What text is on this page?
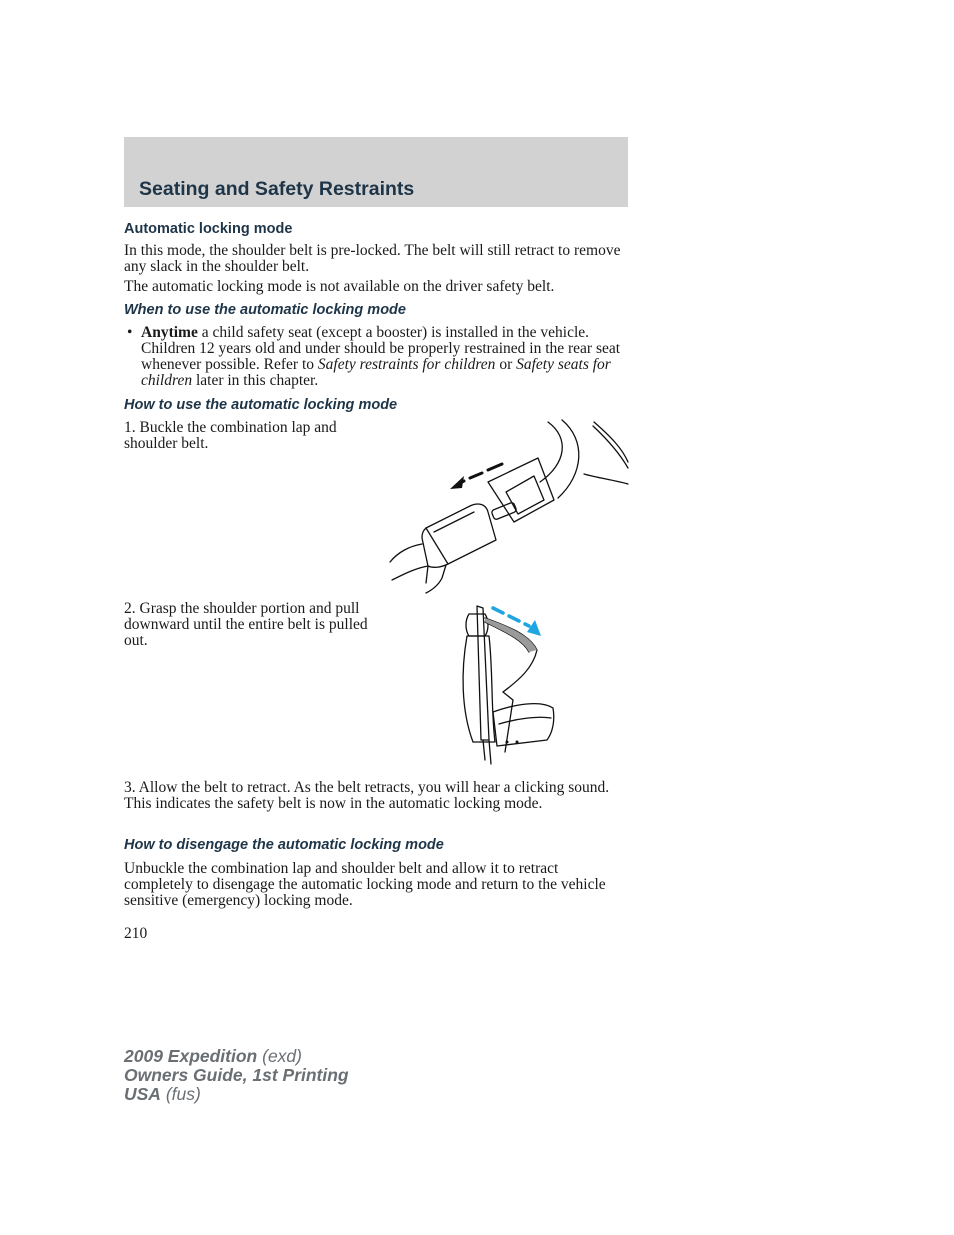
Seating and Safety Restraints
Automatic locking mode

In this mode, the shoulder belt is pre-locked. The belt will still retract to remove any slack in the shoulder belt.

The automatic locking mode is not available on the driver safety belt.

When to use the automatic locking mode
• Anytime a child safety seat (except a booster) is installed in the vehicle. Children 12 years old and under should be properly restrained in the rear seat whenever possible. Refer to Safety restraints for children or Safety seats for children later in this chapter.

How to use the automatic locking mode

1. Buckle the combination lap and shoulder belt.

2. Grasp the shoulder portion and pull downward until the entire belt is pulled out.

3. Allow the belt to retract. As the belt retracts, you will hear a clicking sound. This indicates the safety belt is now in the automatic locking mode.

How to disengage the automatic locking mode

Unbuckle the combination lap and shoulder belt and allow it to retract completely to disengage the automatic locking mode and return to the vehicle sensitive (emergency) locking mode.

210

2009 Expedition (exd)
Owners Guide, 1st Printing
USA (fus)
